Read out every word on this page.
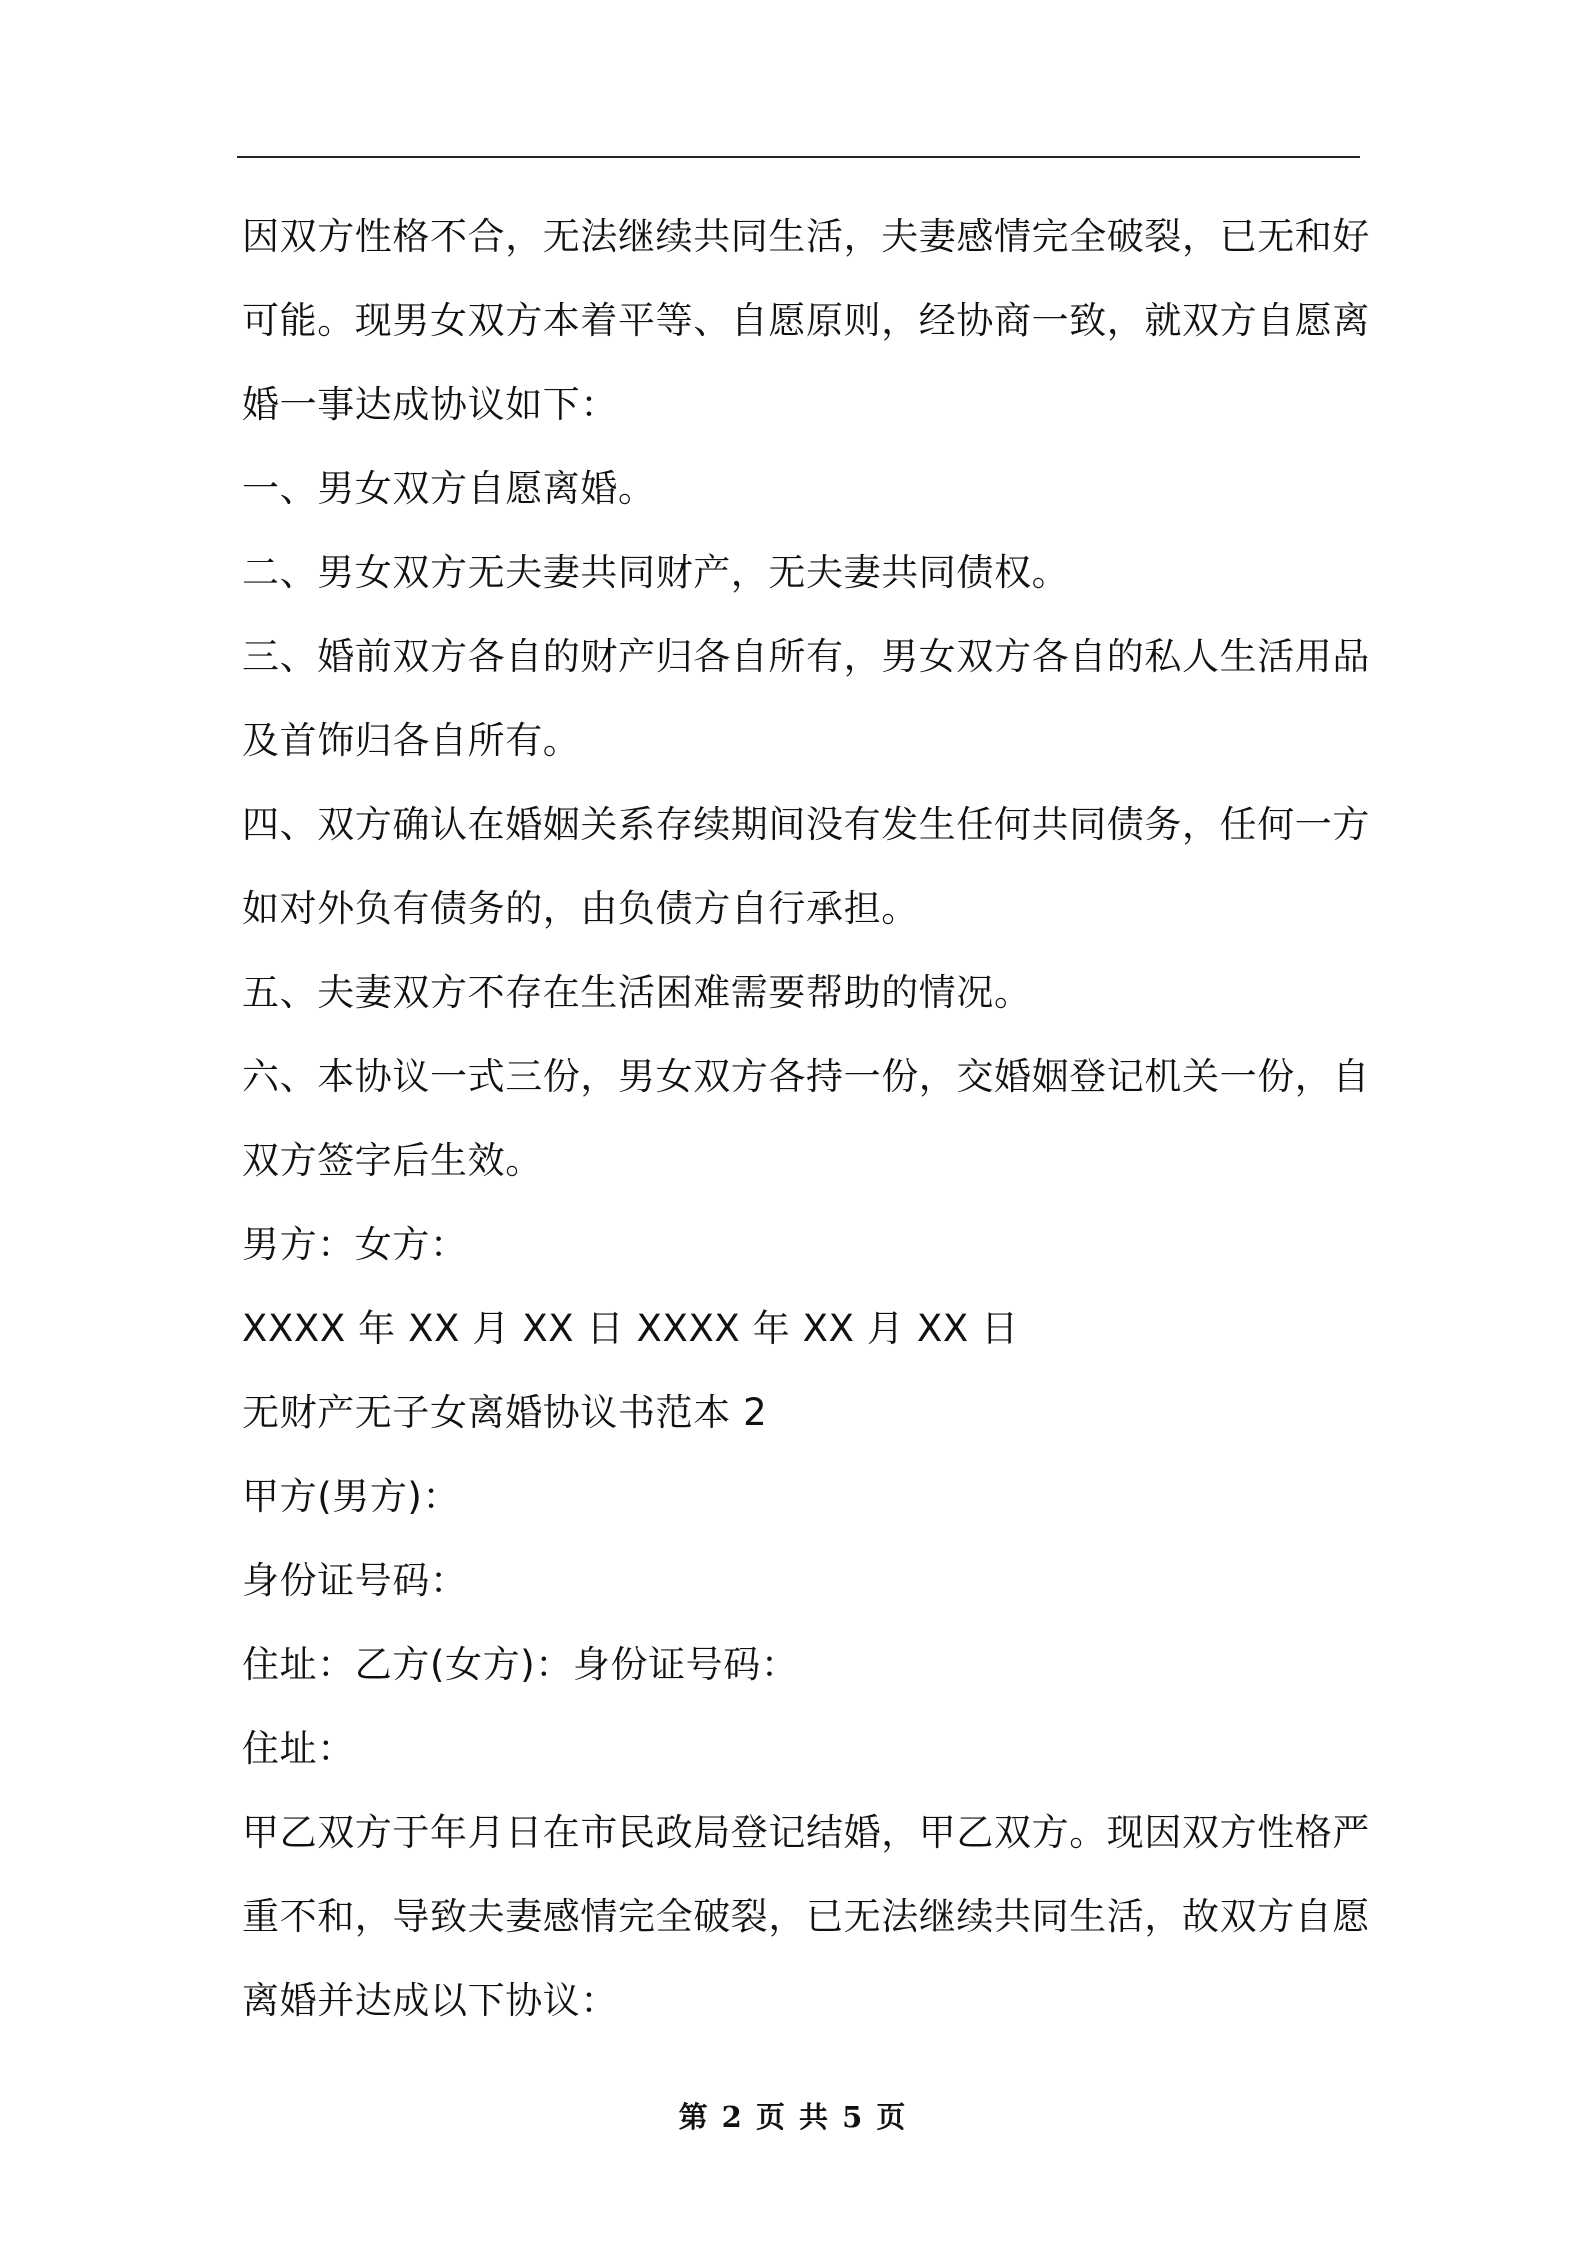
因双方性格不合，无法继续共同生活，夫妻感情完全破裂，已无和好
可能。现男女双方本着平等、自愿原则，经协商一致，就双方自愿离
婚一事达成协议如下：
一、男女双方自愿离婚。
二、男女双方无夫妻共同财产，无夫妻共同债权。
三、婚前双方各自的财产归各自所有，男女双方各自的私人生活用品
及首饰归各自所有。
四、双方确认在婚姻关系存续期间没有发生任何共同债务，任何一方
如对外负有债务的，由负债方自行承担。
五、夫妻双方不存在生活困难需要帮助的情况。
六、本协议一式三份，男女双方各持一份，交婚姻登记机关一份，自
双方签字后生效。
男方：女方：
XXXX 年 XX 月 XX 日 XXXX 年 XX 月 XX 日
无财产无子女离婚协议书范本 2
甲方(男方)：
身份证号码：
住址：乙方(女方)：身份证号码：
住址：
甲乙双方于年月日在市民政局登记结婚，甲乙双方。现因双方性格严
重不和，导致夫妻感情完全破裂，已无法继续共同生活，故双方自愿
离婚并达成以下协议：
第 2 页 共 5 页
